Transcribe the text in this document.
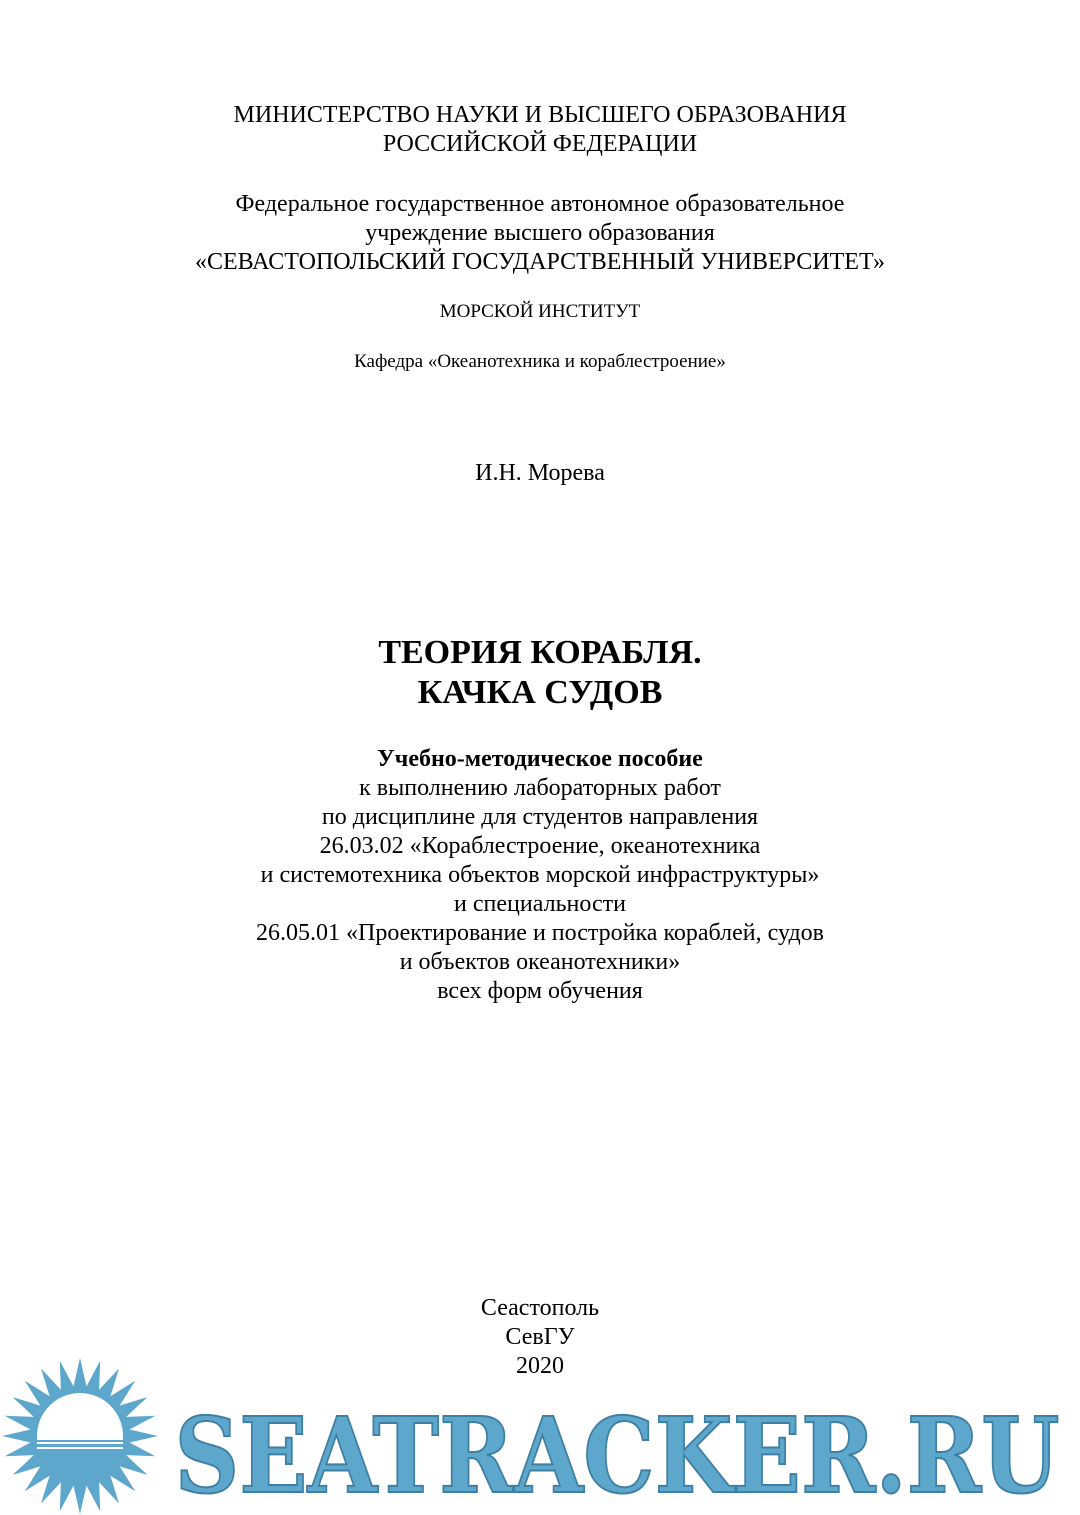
МИНИСТЕРСТВО НАУКИ И ВЫСШЕГО ОБРАЗОВАНИЯ
РОССИЙСКОЙ ФЕДЕРАЦИИ
Федеральное государственное автономное образовательное
учреждение высшего образования
«СЕВАСТОПОЛЬСКИЙ ГОСУДАРСТВЕННЫЙ УНИВЕРСИТЕТ»
МОРСКОЙ ИНСТИТУТ
Кафедра «Океанотехника и кораблестроение»
И.Н. Морева
ТЕОРИЯ КОРАБЛЯ.
КАЧКА СУДОВ
Учебно-методическое пособие
к выполнению лабораторных работ
по дисциплине для студентов направления
26.03.02 «Кораблестроение, океанотехника
и системотехника объектов морской инфраструктуры»
и специальности
26.05.01 «Проектирование и постройка кораблей, судов
и объектов океанотехники»
всех форм обучения
Сеастополь
СевГУ
2020
SEATRACKER.RU
